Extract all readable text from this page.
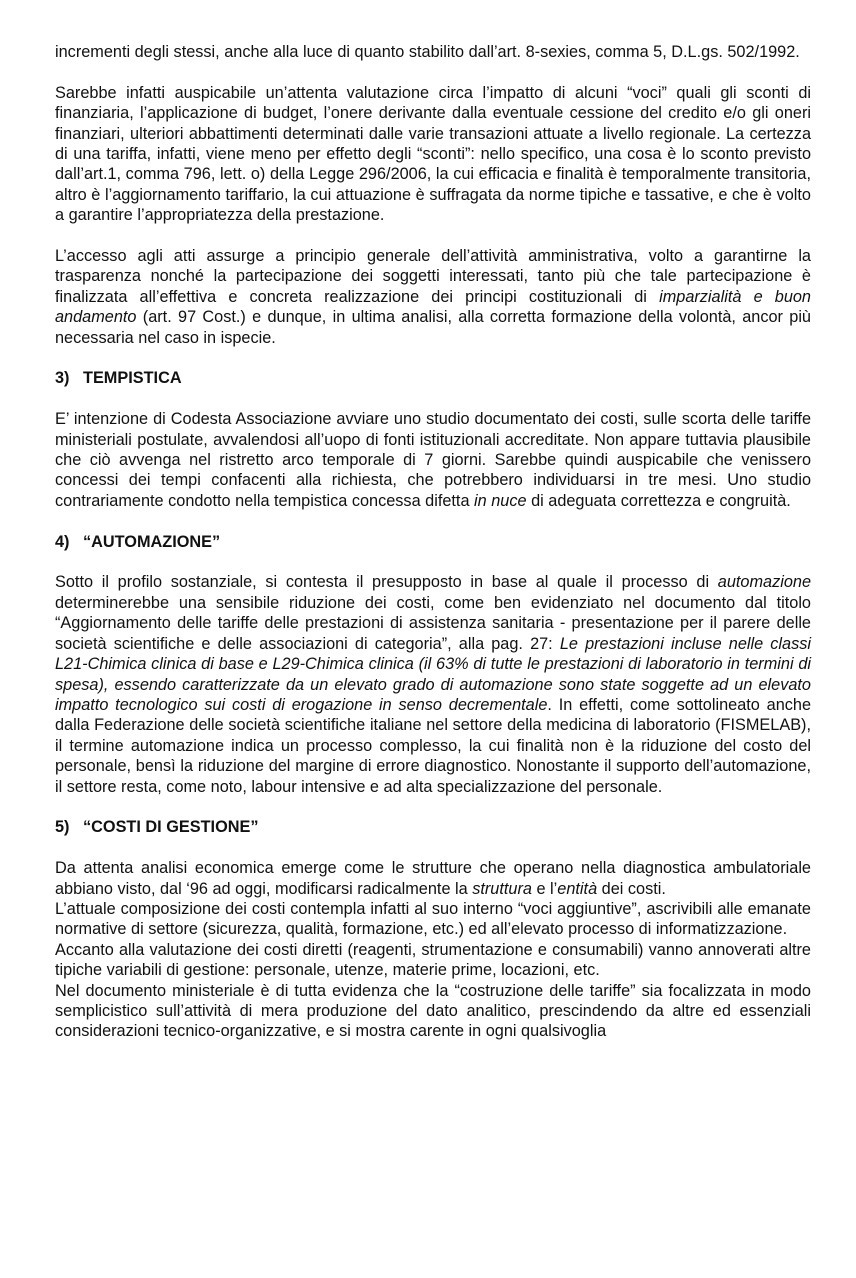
incrementi degli stessi, anche alla luce di quanto stabilito dall’art. 8-sexies, comma 5, D.L.gs. 502/1992.

Sarebbe infatti auspicabile un’attenta valutazione circa l’impatto di alcuni “voci” quali gli sconti di finanziaria, l’applicazione di budget, l’onere derivante dalla eventuale cessione del credito e/o gli oneri finanziari, ulteriori abbattimenti determinati dalle varie transazioni attuate a livello regionale. La certezza di una tariffa, infatti, viene meno per effetto degli “sconti”: nello specifico, una cosa è lo sconto previsto dall’art.1, comma 796, lett. o) della Legge 296/2006, la cui efficacia e finalità è temporalmente transitoria, altro è l’aggiornamento tariffario, la cui attuazione è suffragata da norme tipiche e tassative, e che è volto a garantire l’appropriatezza della prestazione.

L’accesso agli atti assurge a principio generale dell’attività amministrativa, volto a garantirne la trasparenza nonché la partecipazione dei soggetti interessati, tanto più che tale partecipazione è finalizzata all’effettiva e concreta realizzazione dei principi costituzionali di imparzialità e buon andamento (art. 97 Cost.) e dunque, in ultima analisi, alla corretta formazione della volontà, ancor più necessaria nel caso in ispecie.

3) TEMPISTICA

E’ intenzione di Codesta Associazione avviare uno studio documentato dei costi, sulle scorta delle tariffe ministeriali postulate, avvalendosi all’uopo di fonti istituzionali accreditate. Non appare tuttavia plausibile che ciò avvenga nel ristretto arco temporale di 7 giorni. Sarebbe quindi auspicabile che venissero concessi dei tempi confacenti alla richiesta, che potrebbero individuarsi in tre mesi. Uno studio contrariamente condotto nella tempistica concessa difetta in nuce di adeguata correttezza e congruità.

4) “AUTOMAZIONE”

Sotto il profilo sostanziale, si contesta il presupposto in base al quale il processo di automazione determinerebbe una sensibile riduzione dei costi, come ben evidenziato nel documento dal titolo “Aggiornamento delle tariffe delle prestazioni di assistenza sanitaria - presentazione per il parere delle società scientifiche e delle associazioni di categoria”, alla pag. 27: Le prestazioni incluse nelle classi L21-Chimica clinica di base e L29-Chimica clinica (il 63% di tutte le prestazioni di laboratorio in termini di spesa), essendo caratterizzate da un elevato grado di automazione sono state soggette ad un elevato impatto tecnologico sui costi di erogazione in senso decrementale. In effetti, come sottolineato anche dalla Federazione delle società scientifiche italiane nel settore della medicina di laboratorio (FISMELAB), il termine automazione indica un processo complesso, la cui finalità non è la riduzione del costo del personale, bensì la riduzione del margine di errore diagnostico. Nonostante il supporto dell’automazione, il settore resta, come noto, labour intensive e ad alta specializzazione del personale.

5) “COSTI DI GESTIONE”

Da attenta analisi economica emerge come le strutture che operano nella diagnostica ambulatoriale abbiano visto, dal ‘96 ad oggi, modificarsi radicalmente la struttura e l’entità dei costi.

L’attuale composizione dei costi contempla infatti al suo interno “voci aggiuntive”, ascrivibili alle emanate normative di settore (sicurezza, qualità, formazione, etc.) ed all’elevato processo di informatizzazione.

Accanto alla valutazione dei costi diretti (reagenti, strumentazione e consumabili) vanno annoverati altre tipiche variabili di gestione: personale, utenze, materie prime, locazioni, etc.

Nel documento ministeriale è di tutta evidenza che la “costruzione delle tariffe” sia focalizzata in modo semplicistico sull’attività di mera produzione del dato analitico, prescindendo da altre ed essenziali considerazioni tecnico-organizzative, e si mostra carente in ogni qualsivoglia
